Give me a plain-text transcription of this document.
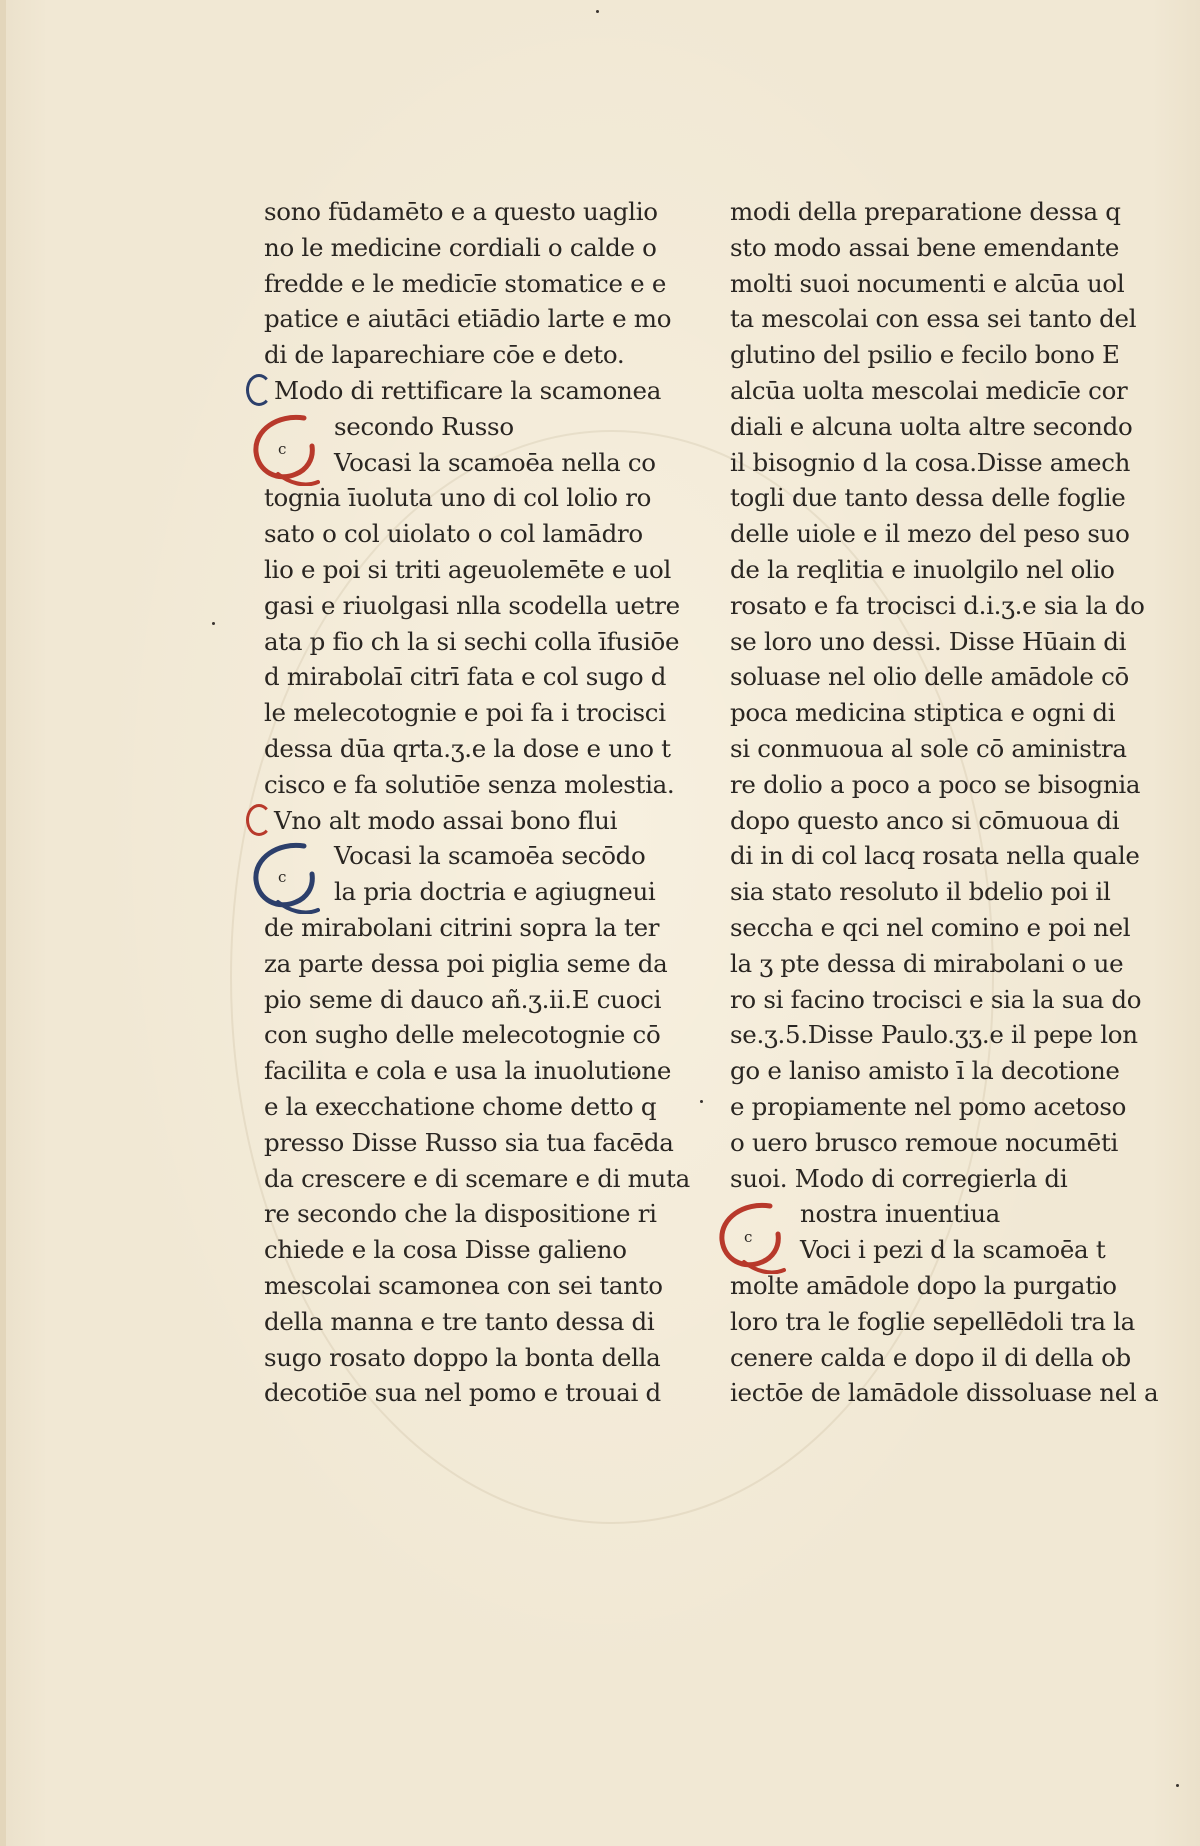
sono fūdamēto e a questo uaglio
no le medicine cordiali o calde o
fredde e le medicīe stomatice e e
patice e aiutāci etiādio larte e mo
di de laparechiare cōe e deto.
Modo di rettificare la scamonea
secondo Russo
Vocasi la scamoēa nella co
tognia īuoluta uno di col lolio ro
sato o col uiolato o col lamādro
lio e poi si triti ageuolemēte e uol
gasi e riuolgasi nlla scodella uetre
ata p fio ch la si sechi colla īfusiōe
d mirabolaī citrī fata e col sugo d
le melecotognie e poi fa i trocisci
dessa dūa qrta.ʒ.e la dose e uno t
cisco e fa solutiōe senza molestia.
Vno alt modo assai bono flui
Vocasi la scamoēa secōdo
la pria doctria e agiugneui
de mirabolani citrini sopra la ter
za parte dessa poi piglia seme da
pio seme di dauco añ.ʒ.ii.E cuoci
con sugho delle melecotognie cō
facilita e cola e usa la inuolutione
e la execchatione chome detto q
presso Disse Russo sia tua facēda
da crescere e di scemare e di muta
re secondo che la dispositione ri
chiede e la cosa Disse galieno
mescolai scamonea con sei tanto
della manna e tre tanto dessa di
sugo rosato doppo la bonta della
decotiōe sua nel pomo e trouai d
c
c
modi della preparatione dessa q
sto modo assai bene emendante
molti suoi nocumenti e alcūa uol
ta mescolai con essa sei tanto del
glutino del psilio e fecilo bono E
alcūa uolta mescolai medicīe cor
diali e alcuna uolta altre secondo
il bisognio d la cosa.Disse amech
togli due tanto dessa delle foglie
delle uiole e il mezo del peso suo
de la reqlitia e inuolgilo nel olio
rosato e fa trocisci d.i.ʒ.e sia la do
se loro uno dessi. Disse Hūain di
soluase nel olio delle amādole cō
poca medicina stiptica e ogni di
si conmuoua al sole cō aministra
re dolio a poco a poco se bisognia
dopo questo anco si cōmuoua di
di in di col lacq rosata nella quale
sia stato resoluto il bdelio poi il
seccha e qci nel comino e poi nel
la ʒ pte dessa di mirabolani o ue
ro si facino trocisci e sia la sua do
se.ʒ.5.Disse Paulo.ʒʒ.e il pepe lon
go e laniso amisto ī la decotione
e propiamente nel pomo acetoso
o uero brusco remoue nocumēti
suoi. Modo di corregierla di
nostra inuentiua
Voci i pezi d la scamoēa t
molte amādole dopo la purgatio
loro tra le foglie sepellēdoli tra la
cenere calda e dopo il di della ob
iectōe de lamādole dissoluase nel a
c
